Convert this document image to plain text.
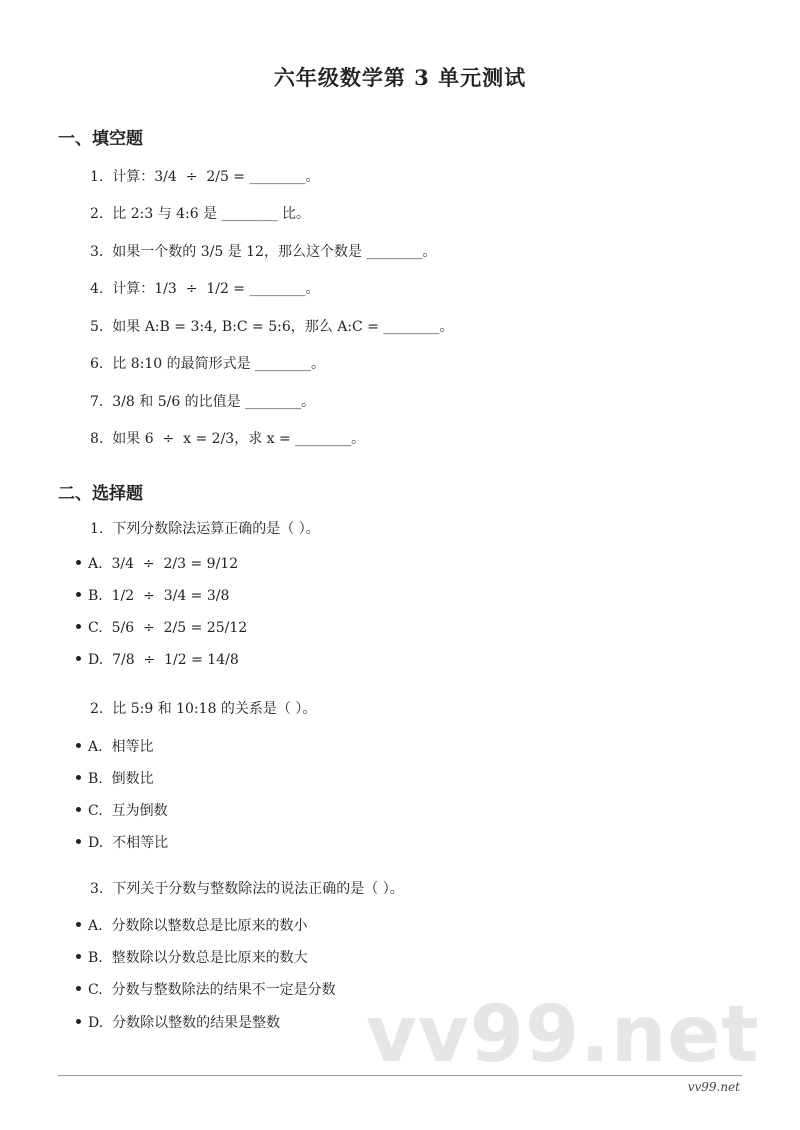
六年级数学第 3 单元测试
一、填空题
1.  计算：3/4  ÷  2/5 = ________。
2.  比 2:3 与 4:6 是 ________ 比。
3.  如果一个数的 3/5 是 12，那么这个数是 ________。
4.  计算：1/3  ÷  1/2 = ________。
5.  如果 A:B = 3:4, B:C = 5:6，那么 A:C = ________。
6.  比 8:10 的最简形式是 ________。
7.  3/8 和 5/6 的比值是 ________。
8.  如果 6  ÷  x = 2/3，求 x = ________。
二、选择题
1.  下列分数除法运算正确的是（ ）。
A.  3/4  ÷  2/3 = 9/12
B.  1/2  ÷  3/4 = 3/8
C.  5/6  ÷  2/5 = 25/12
D.  7/8  ÷  1/2 = 14/8
2.  比 5:9 和 10:18 的关系是（ ）。
A.  相等比
B.  倒数比
C.  互为倒数
D.  不相等比
3.  下列关于分数与整数除法的说法正确的是（ ）。
A.  分数除以整数总是比原来的数小
B.  整数除以分数总是比原来的数大
C.  分数与整数除法的结果不一定是分数
D.  分数除以整数的结果是整数 vv99.net
vv99.net
